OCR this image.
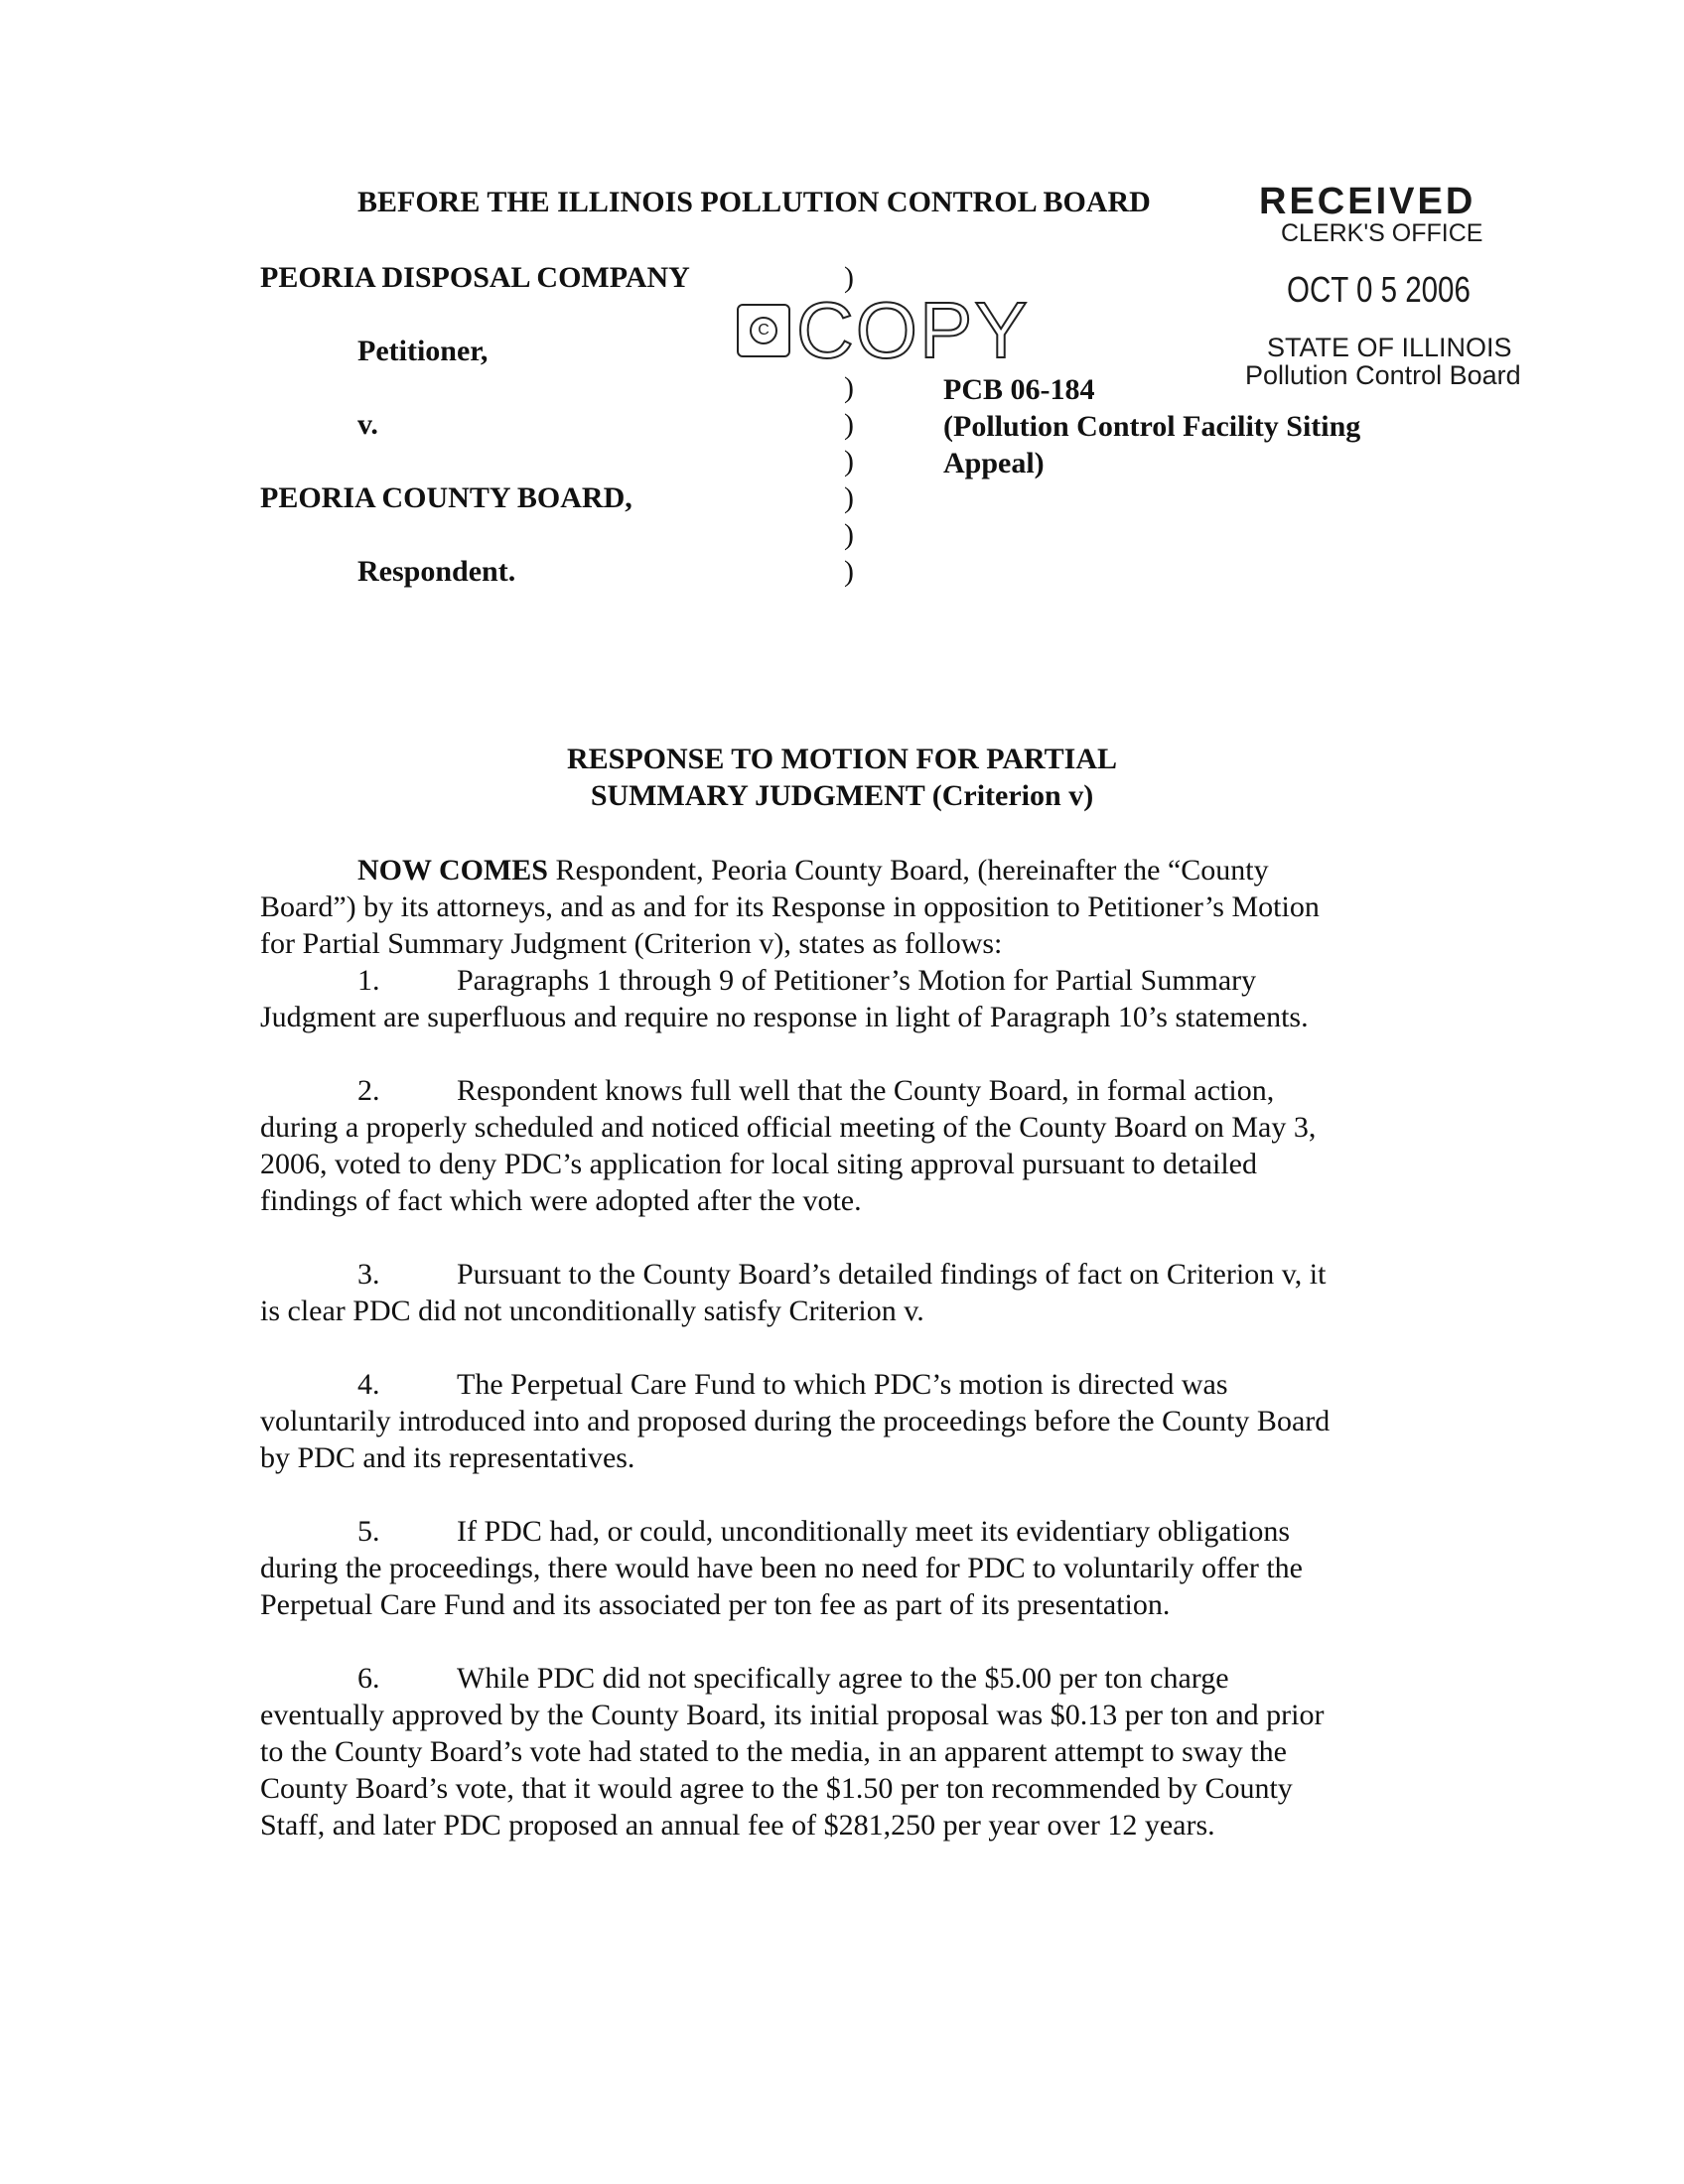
BEFORE THE ILLINOIS POLLUTION CONTROL BOARD	RECEIVED
CLERK'S OFFICE
OCT 0 5 2006
STATE OF ILLINOIS
Pollution Control Board
C COPY
PEORIA DISPOSAL COMPANY
Petitioner,
v.
PEORIA COUNTY BOARD,
Respondent.
)
)
)
)
)
)
)
PCB 06-184
(Pollution Control Facility Siting
Appeal)
RESPONSE TO MOTION FOR PARTIAL
SUMMARY JUDGMENT (Criterion v)

NOW COMES Respondent, Peoria County Board, (hereinafter the “County

Board”) by its attorneys, and as and for its Response in opposition to Petitioner’s Motion

for Partial Summary Judgment (Criterion v), states as follows:

1.	Paragraphs 1 through 9 of Petitioner’s Motion for Partial Summary

Judgment are superfluous and require no response in light of Paragraph 10’s statements.

2.	Respondent knows full well that the County Board, in formal action,

during a properly scheduled and noticed official meeting of the County Board on May 3,

2006, voted to deny PDC’s application for local siting approval pursuant to detailed

findings of fact which were adopted after the vote.

3.	Pursuant to the County Board’s detailed findings of fact on Criterion v, it

is clear PDC did not unconditionally satisfy Criterion v.

4.	The Perpetual Care Fund to which PDC’s motion is directed was

voluntarily introduced into and proposed during the proceedings before the County Board

by PDC and its representatives.

5.	If PDC had, or could, unconditionally meet its evidentiary obligations

during the proceedings, there would have been no need for PDC to voluntarily offer the

Perpetual Care Fund and its associated per ton fee as part of its presentation.

6.	While PDC did not specifically agree to the $5.00 per ton charge

eventually approved by the County Board, its initial proposal was $0.13 per ton and prior

to the County Board’s vote had stated to the media, in an apparent attempt to sway the

County Board’s vote, that it would agree to the $1.50 per ton recommended by County

Staff, and later PDC proposed an annual fee of $281,250 per year over 12 years.
